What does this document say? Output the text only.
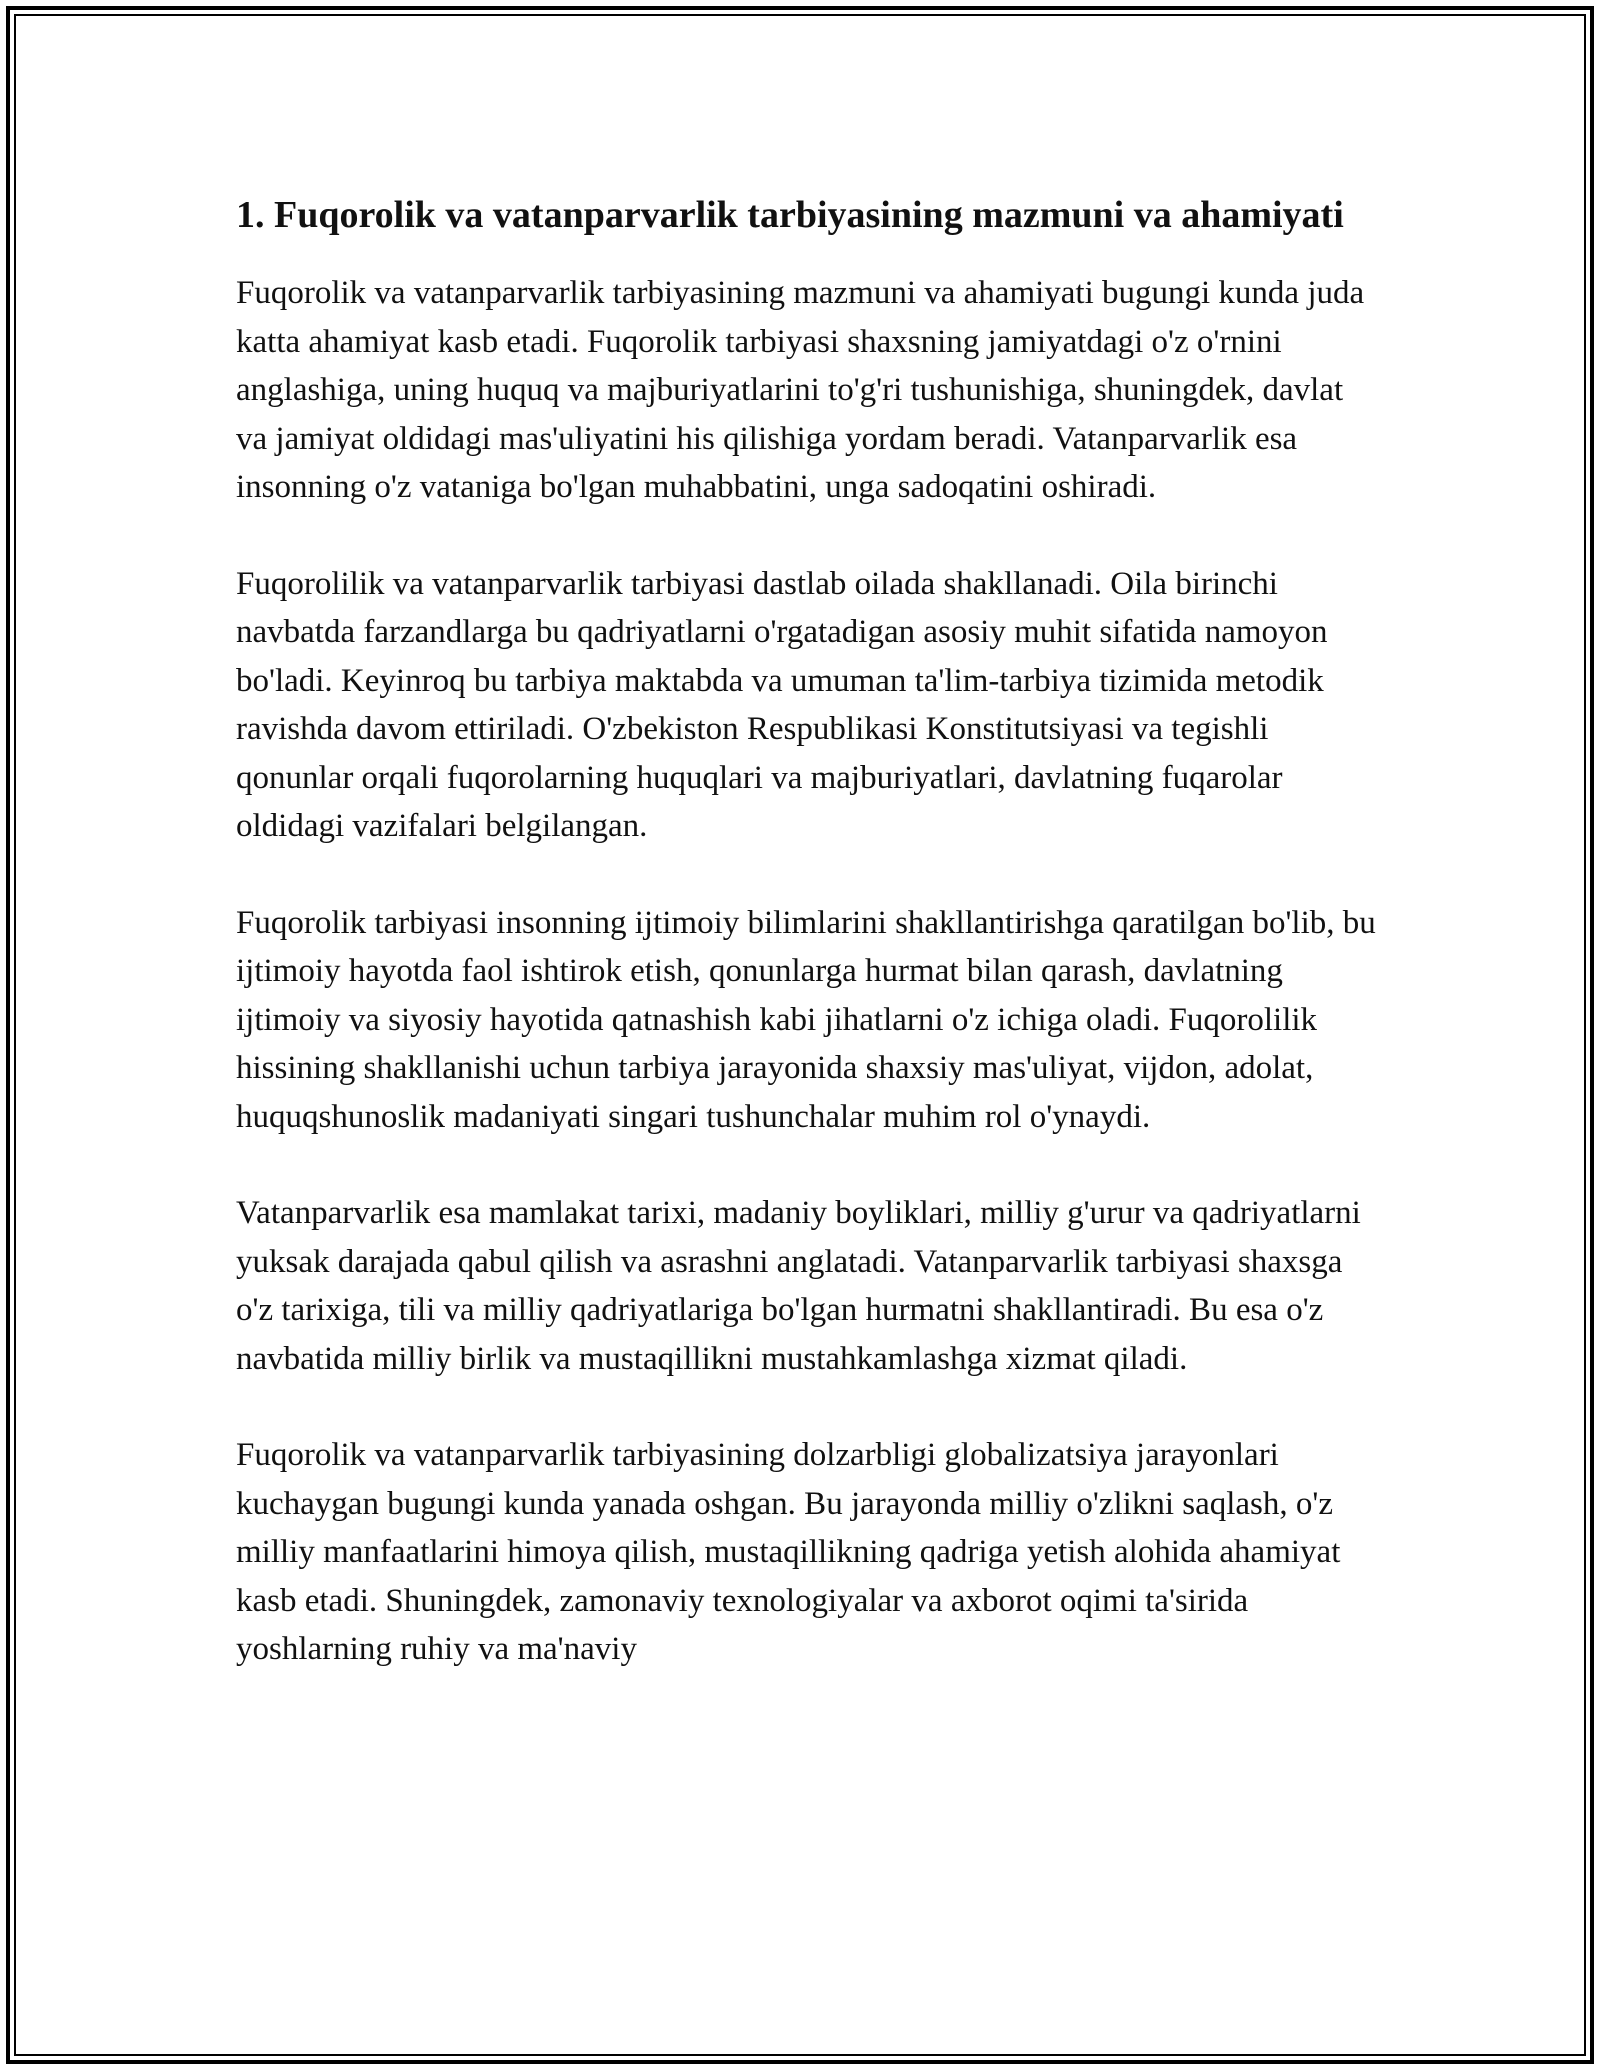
1. Fuqorolik va vatanparvarlik tarbiyasining mazmuni va ahamiyati

Fuqorolik va vatanparvarlik tarbiyasining mazmuni va ahamiyati bugungi kunda juda katta ahamiyat kasb etadi. Fuqorolik tarbiyasi shaxsning jamiyatdagi o'z o'rnini anglashiga, uning huquq va majburiyatlarini to'g'ri tushunishiga, shuningdek, davlat va jamiyat oldidagi mas'uliyatini his qilishiga yordam beradi. Vatanparvarlik esa insonning o'z vataniga bo'lgan muhabbatini, unga sadoqatini oshiradi.

Fuqorolilik va vatanparvarlik tarbiyasi dastlab oilada shakllanadi. Oila birinchi navbatda farzandlarga bu qadriyatlarni o'rgatadigan asosiy muhit sifatida namoyon bo'ladi. Keyinroq bu tarbiya maktabda va umuman ta'lim-tarbiya tizimida metodik ravishda davom ettiriladi. O'zbekiston Respublikasi Konstitutsiyasi va tegishli qonunlar orqali fuqorolarning huquqlari va majburiyatlari, davlatning fuqarolar oldidagi vazifalari belgilangan.

Fuqorolik tarbiyasi insonning ijtimoiy bilimlarini shakllantirishga qaratilgan bo'lib, bu ijtimoiy hayotda faol ishtirok etish, qonunlarga hurmat bilan qarash, davlatning ijtimoiy va siyosiy hayotida qatnashish kabi jihatlarni o'z ichiga oladi. Fuqorolilik hissining shakllanishi uchun tarbiya jarayonida shaxsiy mas'uliyat, vijdon, adolat, huquqshunoslik madaniyati singari tushunchalar muhim rol o'ynaydi.

Vatanparvarlik esa mamlakat tarixi, madaniy boyliklari, milliy g'urur va qadriyatlarni yuksak darajada qabul qilish va asrashni anglatadi. Vatanparvarlik tarbiyasi shaxsga o'z tarixiga, tili va milliy qadriyatlariga bo'lgan hurmatni shakllantiradi. Bu esa o'z navbatida milliy birlik va mustaqillikni mustahkamlashga xizmat qiladi.

Fuqorolik va vatanparvarlik tarbiyasining dolzarbligi globalizatsiya jarayonlari kuchaygan bugungi kunda yanada oshgan. Bu jarayonda milliy o'zlikni saqlash, o'z milliy manfaatlarini himoya qilish, mustaqillikning qadriga yetish alohida ahamiyat kasb etadi. Shuningdek, zamonaviy texnologiyalar va axborot oqimi ta'sirida yoshlarning ruhiy va ma'naviy
